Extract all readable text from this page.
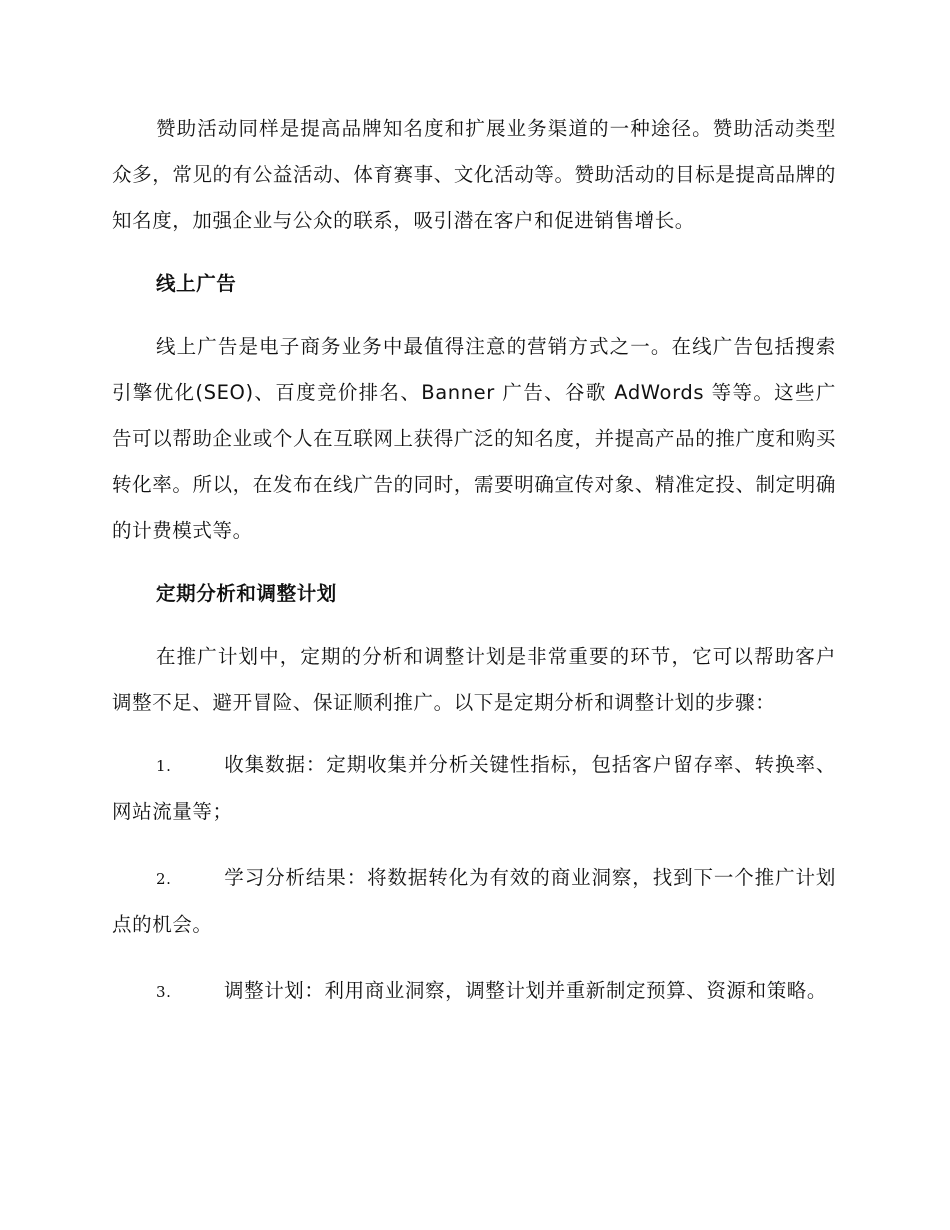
赞助活动同样是提高品牌知名度和扩展业务渠道的一种途径。赞助活动类型众多，常见的有公益活动、体育赛事、文化活动等。赞助活动的目标是提高品牌的知名度，加强企业与公众的联系，吸引潜在客户和促进销售增长。

线上广告

线上广告是电子商务业务中最值得注意的营销方式之一。在线广告包括搜索引擎优化(SEO)、百度竞价排名、Banner 广告、谷歌 AdWords 等等。这些广告可以帮助企业或个人在互联网上获得广泛的知名度，并提高产品的推广度和购买转化率。所以，在发布在线广告的同时，需要明确宣传对象、精准定投、制定明确的计费模式等。

定期分析和调整计划

在推广计划中，定期的分析和调整计划是非常重要的环节，它可以帮助客户调整不足、避开冒险、保证顺利推广。以下是定期分析和调整计划的步骤：

1.	收集数据：定期收集并分析关键性指标，包括客户留存率、转换率、网站流量等；
2.	学习分析结果：将数据转化为有效的商业洞察，找到下一个推广计划点的机会。
3.	调整计划：利用商业洞察，调整计划并重新制定预算、资源和策略。
